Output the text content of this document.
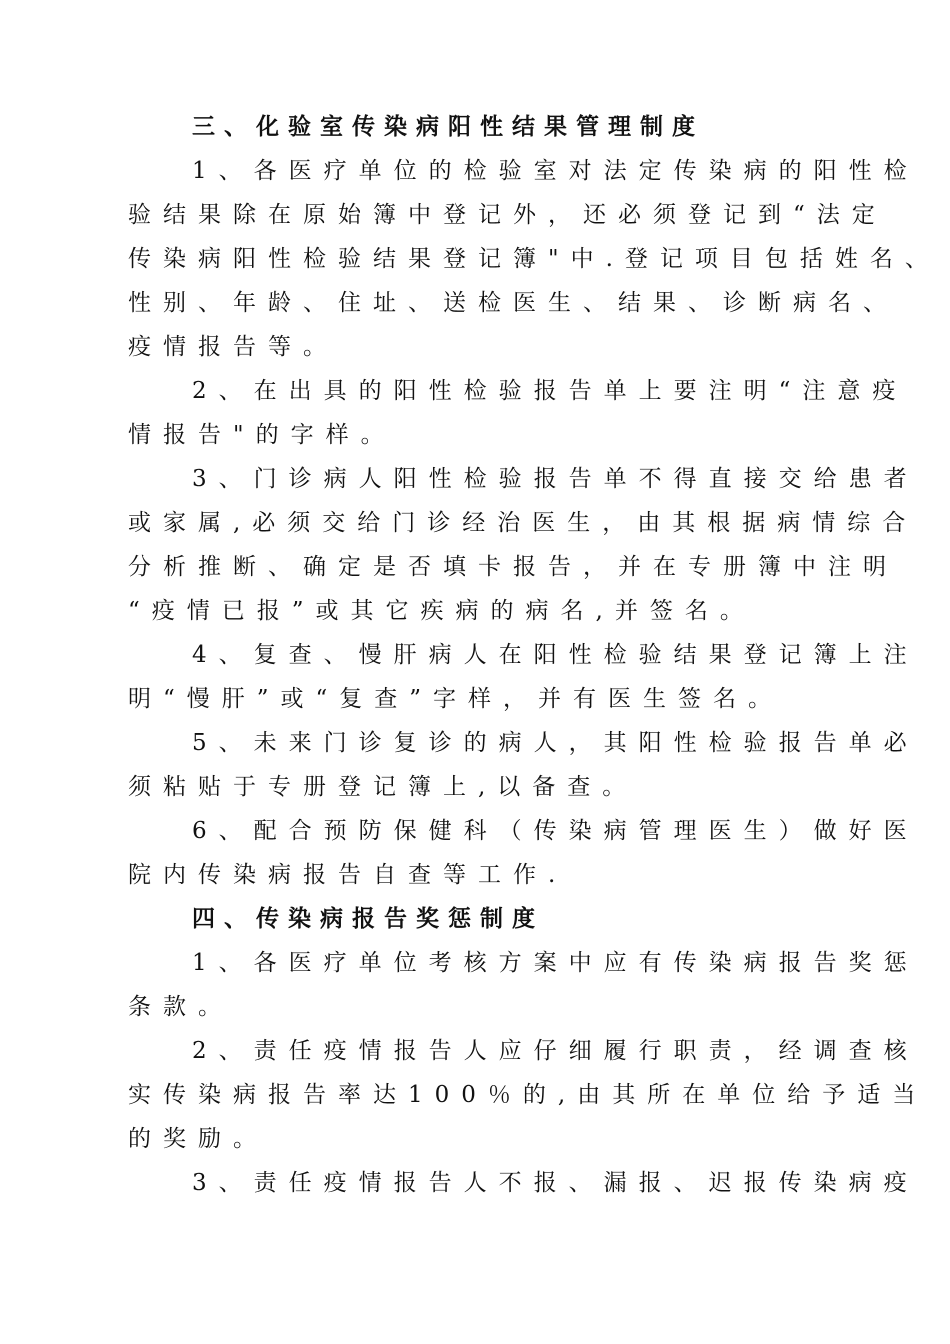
三、化验室传染病阳性结果管理制度
1、各医疗单位的检验室对法定传染病的阳性检
验结果除在原始簿中登记外，还必须登记到“法定
传染病阳性检验结果登记簿"中.登记项目包括姓名、
性别、年龄、住址、送检医生、结果、诊断病名、
疫情报告等。
2、在出具的阳性检验报告单上要注明“注意疫
情报告"的字样。
3、门诊病人阳性检验报告单不得直接交给患者
或家属,必须交给门诊经治医生，由其根据病情综合
分析推断、确定是否填卡报告，并在专册簿中注明
“疫情已报”或其它疾病的病名,并签名。
4、复查、慢肝病人在阳性检验结果登记簿上注
明“慢肝”或“复查”字样，并有医生签名。
5、未来门诊复诊的病人，其阳性检验报告单必
须粘贴于专册登记簿上,以备查。
6、配合预防保健科（传染病管理医生）做好医
院内传染病报告自查等工作.
四、传染病报告奖惩制度
1、各医疗单位考核方案中应有传染病报告奖惩
条款。
2、责任疫情报告人应仔细履行职责，经调查核
实传染病报告率达100％的,由其所在单位给予适当
的奖励。
3、责任疫情报告人不报、漏报、迟报传染病疫
